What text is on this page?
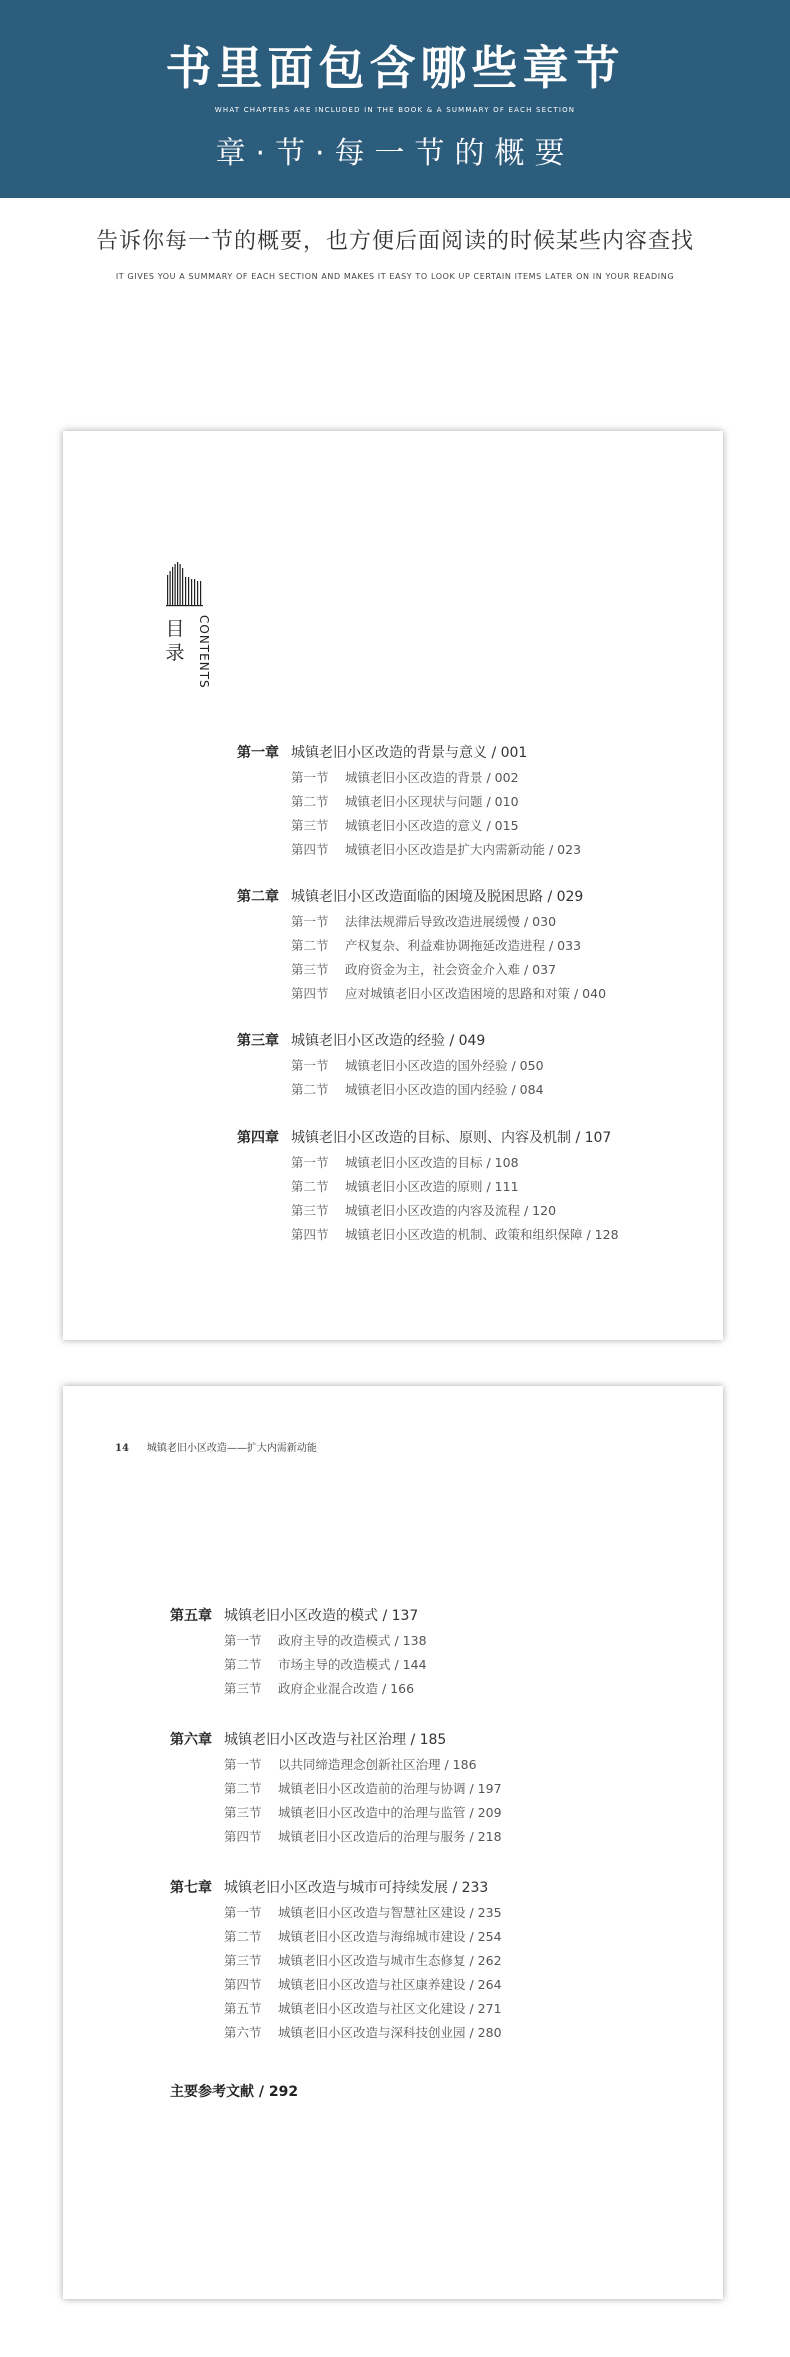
书里面包含哪些章节
WHAT CHAPTERS ARE INCLUDED IN THE BOOK & A SUMMARY OF EACH SECTION
章·节·每一节的概要
告诉你每一节的概要，也方便后面阅读的时候某些内容查找
IT GIVES YOU A SUMMARY OF EACH SECTION AND MAKES IT EASY TO LOOK UP CERTAIN ITEMS LATER ON IN YOUR READING
目录 CONTENTS
第一章 城镇老旧小区改造的背景与意义 / 001
第一节 城镇老旧小区改造的背景 / 002
第二节 城镇老旧小区现状与问题 / 010
第三节 城镇老旧小区改造的意义 / 015
第四节 城镇老旧小区改造是扩大内需新动能 / 023
第二章 城镇老旧小区改造面临的困境及脱困思路 / 029
第一节 法律法规滞后导致改造进展缓慢 / 030
第二节 产权复杂、利益难协调拖延改造进程 / 033
第三节 政府资金为主，社会资金介入难 / 037
第四节 应对城镇老旧小区改造困境的思路和对策 / 040
第三章 城镇老旧小区改造的经验 / 049
第一节 城镇老旧小区改造的国外经验 / 050
第二节 城镇老旧小区改造的国内经验 / 084
第四章 城镇老旧小区改造的目标、原则、内容及机制 / 107
第一节 城镇老旧小区改造的目标 / 108
第二节 城镇老旧小区改造的原则 / 111
第三节 城镇老旧小区改造的内容及流程 / 120
第四节 城镇老旧小区改造的机制、政策和组织保障 / 128
14 城镇老旧小区改造——扩大内需新动能
第五章 城镇老旧小区改造的模式 / 137
第一节 政府主导的改造模式 / 138
第二节 市场主导的改造模式 / 144
第三节 政府企业混合改造 / 166
第六章 城镇老旧小区改造与社区治理 / 185
第一节 以共同缔造理念创新社区治理 / 186
第二节 城镇老旧小区改造前的治理与协调 / 197
第三节 城镇老旧小区改造中的治理与监管 / 209
第四节 城镇老旧小区改造后的治理与服务 / 218
第七章 城镇老旧小区改造与城市可持续发展 / 233
第一节 城镇老旧小区改造与智慧社区建设 / 235
第二节 城镇老旧小区改造与海绵城市建设 / 254
第三节 城镇老旧小区改造与城市生态修复 / 262
第四节 城镇老旧小区改造与社区康养建设 / 264
第五节 城镇老旧小区改造与社区文化建设 / 271
第六节 城镇老旧小区改造与深科技创业园 / 280
主要参考文献 / 292
